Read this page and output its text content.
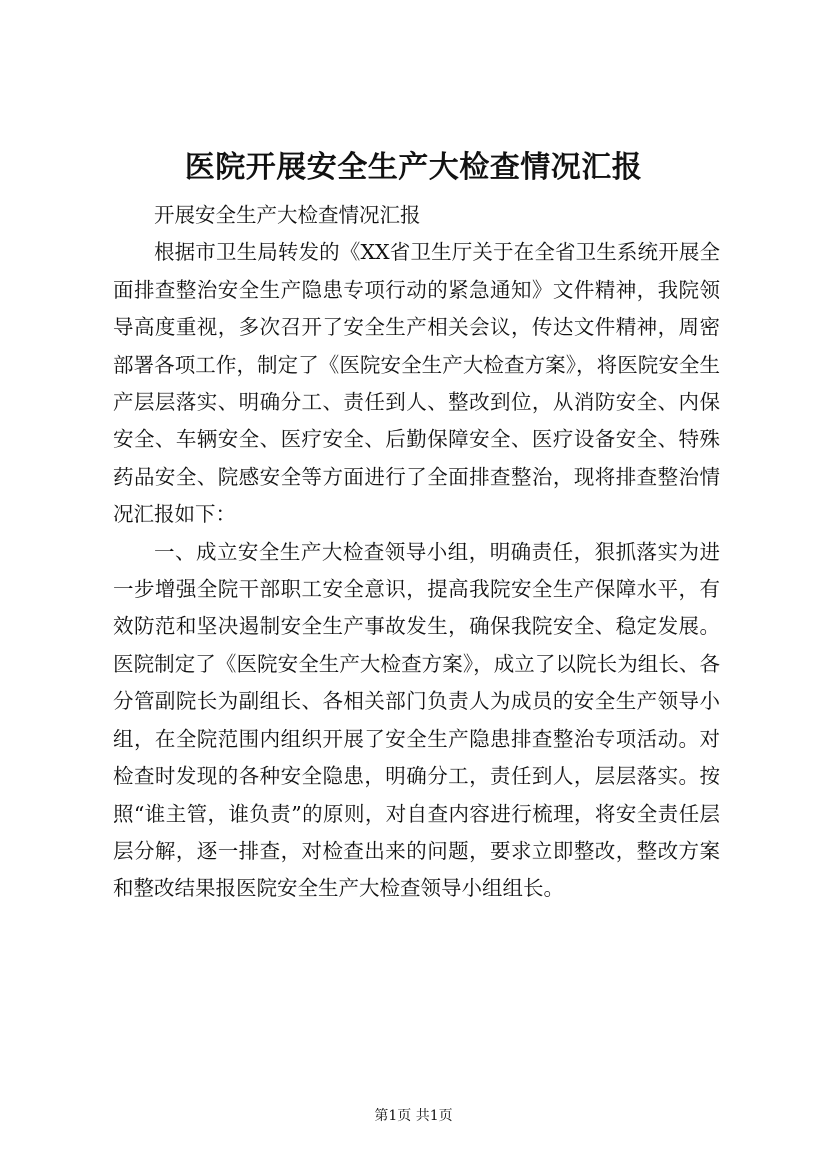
医院开展安全生产大检查情况汇报

开展安全生产大检查情况汇报

根据市卫生局转发的《XX省卫生厅关于在全省卫生系统开展全面排查整治安全生产隐患专项行动的紧急通知》文件精神，我院领导高度重视，多次召开了安全生产相关会议，传达文件精神，周密部署各项工作，制定了《医院安全生产大检查方案》，将医院安全生产层层落实、明确分工、责任到人、整改到位，从消防安全、内保安全、车辆安全、医疗安全、后勤保障安全、医疗设备安全、特殊药品安全、院感安全等方面进行了全面排查整治，现将排查整治情况汇报如下：

一、成立安全生产大检查领导小组，明确责任，狠抓落实为进一步增强全院干部职工安全意识，提高我院安全生产保障水平，有效防范和坚决遏制安全生产事故发生，确保我院安全、稳定发展。医院制定了《医院安全生产大检查方案》，成立了以院长为组长、各分管副院长为副组长、各相关部门负责人为成员的安全生产领导小组，在全院范围内组织开展了安全生产隐患排查整治专项活动。对检查时发现的各种安全隐患，明确分工，责任到人，层层落实。按照“谁主管，谁负责”的原则，对自查内容进行梳理，将安全责任层层分解，逐一排查，对检查出来的问题，要求立即整改，整改方案和整改结果报医院安全生产大检查领导小组组长。

第1页 共1页
